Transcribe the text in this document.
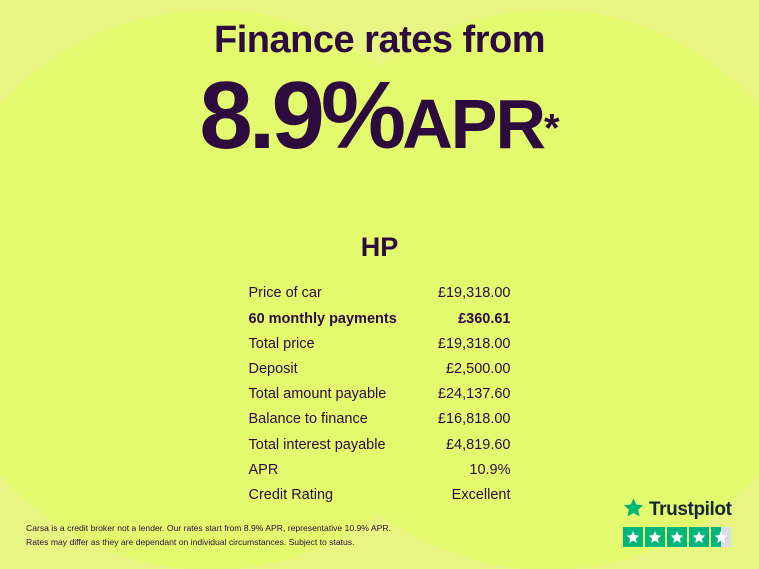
Finance rates from
8.9%APR*
HP
Price of car	£19,318.00
60 monthly payments	£360.61
Total price	£19,318.00
Deposit	£2,500.00
Total amount payable	£24,137.60
Balance to finance	£16,818.00
Total interest payable	£4,819.60
APR	10.9%
Credit Rating	Excellent
Carsa is a credit broker not a lender. Our rates start from 8.9% APR, representative 10.9% APR.
Rates may differ as they are dependant on individual circumstances. Subject to status.
Trustpilot
